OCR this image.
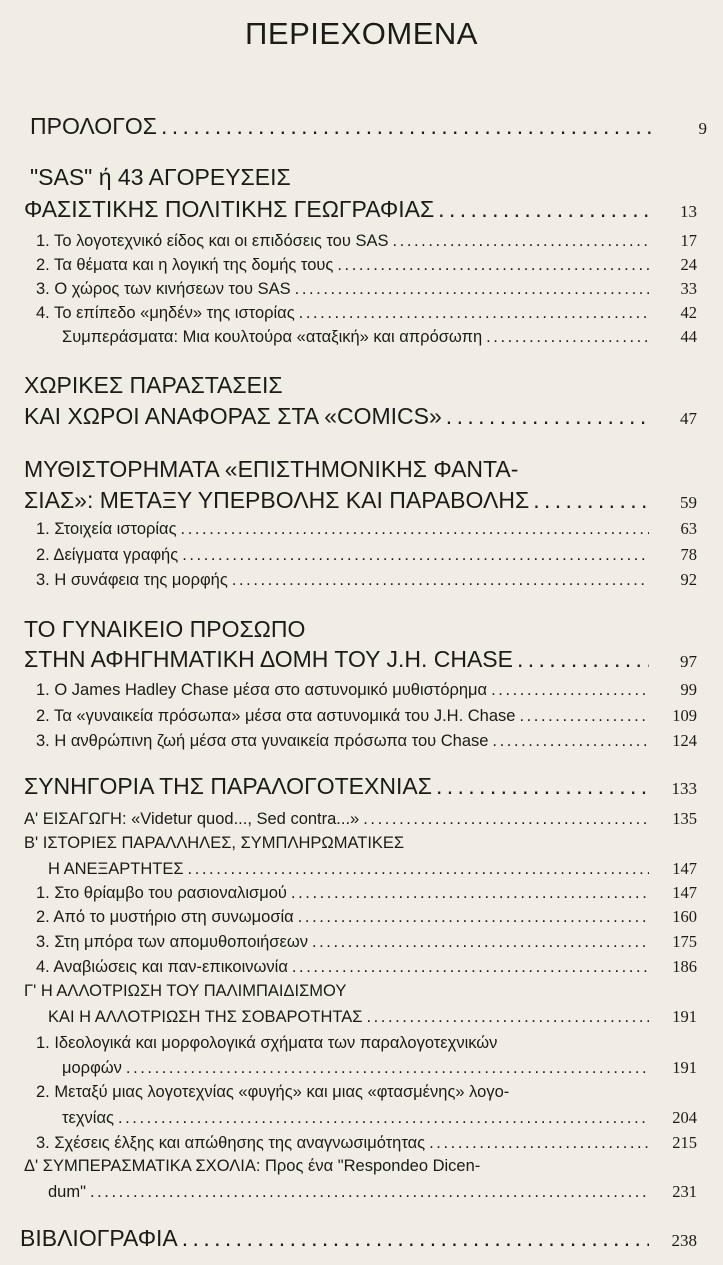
ΠΕΡΙΕΧΟΜΕΝΑ
ΠΡΟΛΟΓΟΣ . . .	9
"SAS" ή 43 ΑΓΟΡΕΥΣΕΙΣ
ΦΑΣΙΣΤΙΚΗΣ ΠΟΛΙΤΙΚΗΣ ΓΕΩΓΡΑΦΙΑΣ . . .	13
1. Το λογοτεχνικό είδος και οι επιδόσεις του SAS . . .	17
2. Τα θέματα και η λογική της δομής τους . . .	24
3. Ο χώρος των κινήσεων του SAS . . .	33
4. Το επίπεδο «μηδέν» της ιστορίας . . .	42
Συμπεράσματα: Μια κουλτούρα «αταξική» και απρόσωπη . . .	44
ΧΩΡΙΚΕΣ ΠΑΡΑΣΤΑΣΕΙΣ
ΚΑΙ ΧΩΡΟΙ ΑΝΑΦΟΡΑΣ ΣΤΑ «COMICS» . . .	47
ΜΥΘΙΣΤΟΡΗΜΑΤΑ «ΕΠΙΣΤΗΜΟΝΙΚΗΣ ΦΑΝΤΑ-
ΣΙΑΣ»: ΜΕΤΑΞΥ ΥΠΕΡΒΟΛΗΣ ΚΑΙ ΠΑΡΑΒΟΛΗΣ . . .	59
1. Στοιχεία ιστορίας . . .	63
2. Δείγματα γραφής . . .	78
3. Η συνάφεια της μορφής . . .	92
ΤΟ ΓΥΝΑΙΚΕΙΟ ΠΡΟΣΩΠΟ
ΣΤΗΝ ΑΦΗΓΗΜΑΤΙΚΗ ΔΟΜΗ ΤΟΥ J.H. CHASE . . .	97
1. Ο James Hadley Chase μέσα στο αστυνομικό μυθιστόρημα . . .	99
2. Τα «γυναικεία πρόσωπα» μέσα στα αστυνομικά του J.H. Chase . . .	109
3. Η ανθρώπινη ζωή μέσα στα γυναικεία πρόσωπα του Chase . . .	124
ΣΥΝΗΓΟΡΙΑ ΤΗΣ ΠΑΡΑΛΟΓΟΤΕΧΝΙΑΣ . . .	133
Α' ΕΙΣΑΓΩΓΗ: «Videtur quod..., Sed contra...» . . .	135
Β' ΙΣΤΟΡΙΕΣ ΠΑΡΑΛΛΗΛΕΣ, ΣΥΜΠΛΗΡΩΜΑΤΙΚΕΣ
Η ΑΝΕΞΑΡΤΗΤΕΣ . . .	147
1. Στο θρίαμβο του ρασιοναλισμού . . .	147
2. Από το μυστήριο στη συνωμοσία . . .	160
3. Στη μπόρα των απομυθοποιήσεων . . .	175
4. Αναβιώσεις και παν-επικοινωνία . . .	186
Γ' Η ΑΛΛΟΤΡΙΩΣΗ ΤΟΥ ΠΑΛΙΜΠΑΙΔΙΣΜΟΥ
ΚΑΙ Η ΑΛΛΟΤΡΙΩΣΗ ΤΗΣ ΣΟΒΑΡΟΤΗΤΑΣ . . .	191
1. Ιδεολογικά και μορφολογικά σχήματα των παραλογοτεχνικών
μορφών . . .	191
2. Μεταξύ μιας λογοτεχνίας «φυγής» και μιας «φτασμένης» λογο-
τεχνίας . . .	204
3. Σχέσεις έλξης και απώθησης της αναγνωσιμότητας . . .	215
Δ' ΣΥΜΠΕΡΑΣΜΑΤΙΚΑ ΣΧΟΛΙΑ: Προς ένα "Respondeo Dicen-
dum" . . .	231
ΒΙΒΛΙΟΓΡΑΦΙΑ . . .	238
